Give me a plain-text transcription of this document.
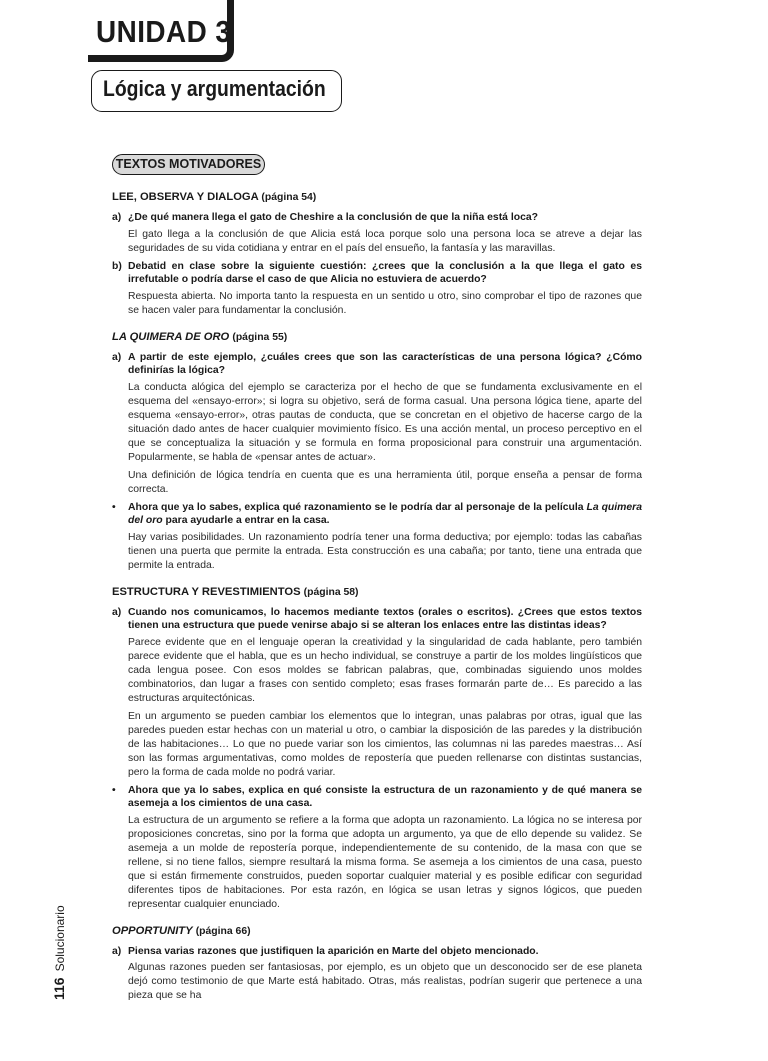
UNIDAD 3
Lógica y argumentación
TEXTOS MOTIVADORES
116Solucionario
LEE, OBSERVA Y DIALOGA (página 54)
a) ¿De qué manera llega el gato de Cheshire a la conclusión de que la niña está loca?
El gato llega a la conclusión de que Alicia está loca porque solo una persona loca se atreve a dejar las seguridades de su vida cotidiana y entrar en el país del ensueño, la fantasía y las maravillas.
b) Debatid en clase sobre la siguiente cuestión: ¿crees que la conclusión a la que llega el gato es irrefutable o podría darse el caso de que Alicia no estuviera de acuerdo?
Respuesta abierta. No importa tanto la respuesta en un sentido u otro, sino comprobar el tipo de razones que se hacen valer para fundamentar la conclusión.
LA QUIMERA DE ORO (página 55)
a) A partir de este ejemplo, ¿cuáles crees que son las características de una persona lógica? ¿Cómo definirías la lógica?
La conducta alógica del ejemplo se caracteriza por el hecho de que se fundamenta exclusivamente en el esquema del «ensayo-error»; si logra su objetivo, será de forma casual. Una persona lógica tiene, aparte del esquema «ensayo-error», otras pautas de conducta, que se concretan en el objetivo de hacerse cargo de la situación dado antes de hacer cualquier movimiento físico. Es una acción mental, un proceso perceptivo en el que se conceptualiza la situación y se formula en forma proposicional para construir una argumentación. Popularmente, se habla de «pensar antes de actuar».
Una definición de lógica tendría en cuenta que es una herramienta útil, porque enseña a pensar de forma correcta.
• Ahora que ya lo sabes, explica qué razonamiento se le podría dar al personaje de la película La quimera del oro para ayudarle a entrar en la casa.
Hay varias posibilidades. Un razonamiento podría tener una forma deductiva; por ejemplo: todas las cabañas tienen una puerta que permite la entrada. Esta construcción es una cabaña; por tanto, tiene una entrada que permite la entrada.
ESTRUCTURA Y REVESTIMIENTOS (página 58)
a) Cuando nos comunicamos, lo hacemos mediante textos (orales o escritos). ¿Crees que estos textos tienen una estructura que puede venirse abajo si se alteran los enlaces entre las distintas ideas?
Parece evidente que en el lenguaje operan la creatividad y la singularidad de cada hablante, pero también parece evidente que el habla, que es un hecho individual, se construye a partir de los moldes lingüísticos que cada lengua posee. Con esos moldes se fabrican palabras, que, combinadas siguiendo unos moldes combinatorios, dan lugar a frases con sentido completo; esas frases formarán parte de… Es parecido a las estructuras arquitectónicas.
En un argumento se pueden cambiar los elementos que lo integran, unas palabras por otras, igual que las paredes pueden estar hechas con un material u otro, o cambiar la disposición de las paredes y la distribución de las habitaciones… Lo que no puede variar son los cimientos, las columnas ni las paredes maestras… Así son las formas argumentativas, como moldes de repostería que pueden rellenarse con distintas sustancias, pero la forma de cada molde no podrá variar.
• Ahora que ya lo sabes, explica en qué consiste la estructura de un razonamiento y de qué manera se asemeja a los cimientos de una casa.
La estructura de un argumento se refiere a la forma que adopta un razonamiento. La lógica no se interesa por proposiciones concretas, sino por la forma que adopta un argumento, ya que de ello depende su validez. Se asemeja a un molde de repostería porque, independientemente de su contenido, de la masa con que se rellene, si no tiene fallos, siempre resultará la misma forma. Se asemeja a los cimientos de una casa, puesto que si están firmemente construidos, pueden soportar cualquier material y es posible edificar con seguridad diferentes tipos de habitaciones. Por esta razón, en lógica se usan letras y signos lógicos, que pueden representar cualquier enunciado.
OPPORTUNITY (página 66)
a) Piensa varias razones que justifiquen la aparición en Marte del objeto mencionado.
Algunas razones pueden ser fantasiosas, por ejemplo, es un objeto que un desconocido ser de ese planeta dejó como testimonio de que Marte está habitado. Otras, más realistas, podrían sugerir que pertenece a una pieza que se ha
